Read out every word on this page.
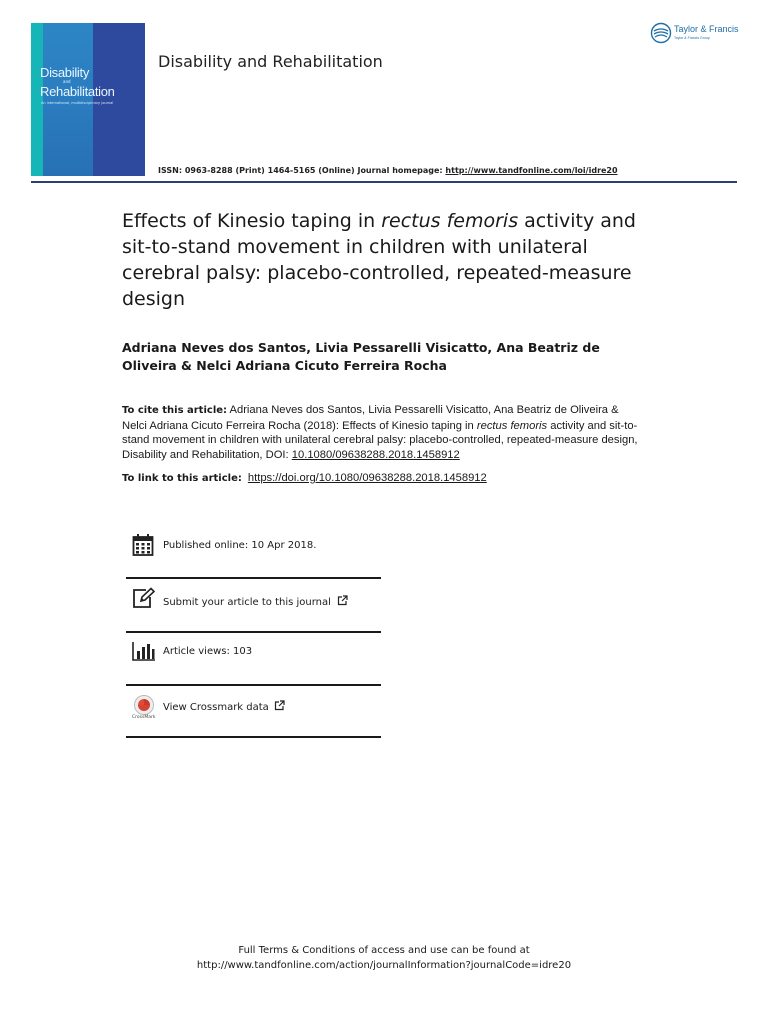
Disability
and
Rehabilitation
An international, multidisciplinary journal
Disability and Rehabilitation
Taylor & Francis
Taylor & Francis Group
ISSN: 0963-8288 (Print) 1464-5165 (Online) Journal homepage: http://www.tandfonline.com/loi/idre20
Effects of Kinesio taping in rectus femoris activity and sit-to-stand movement in children with unilateral cerebral palsy: placebo-controlled, repeated-measure design
Adriana Neves dos Santos, Livia Pessarelli Visicatto, Ana Beatriz de Oliveira & Nelci Adriana Cicuto Ferreira Rocha
To cite this article: Adriana Neves dos Santos, Livia Pessarelli Visicatto, Ana Beatriz de Oliveira & Nelci Adriana Cicuto Ferreira Rocha (2018): Effects of Kinesio taping in rectus femoris activity and sit-to-stand movement in children with unilateral cerebral palsy: placebo-controlled, repeated-measure design, Disability and Rehabilitation, DOI: 10.1080/09638288.2018.1458912
To link to this article: https://doi.org/10.1080/09638288.2018.1458912
Published online: 10 Apr 2018.
Submit your article to this journal
Article views: 103
CrossMark
View Crossmark data
Full Terms & Conditions of access and use can be found at
http://www.tandfonline.com/action/journalInformation?journalCode=idre20
